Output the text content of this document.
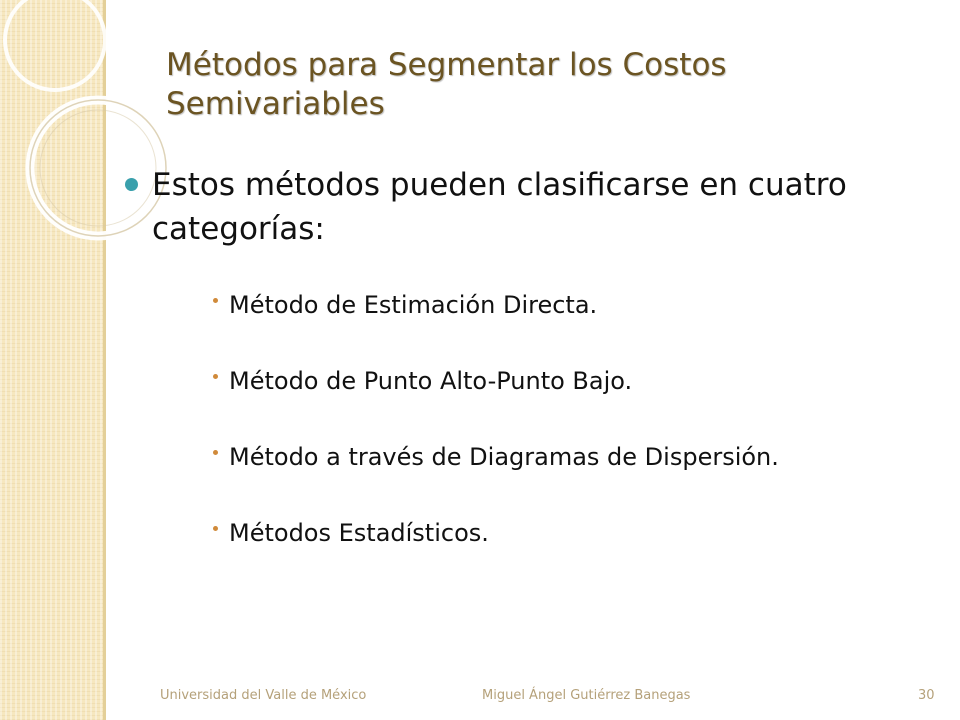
Métodos para Segmentar los Costos Semivariables

Estos métodos pueden clasificarse en cuatro categorías:

Método de Estimación Directa.
Método de Punto Alto-Punto Bajo.
Método a través de Diagramas de Dispersión.
Métodos Estadísticos.
Universidad del Valle de México	Miguel Ángel Gutiérrez Banegas	30
